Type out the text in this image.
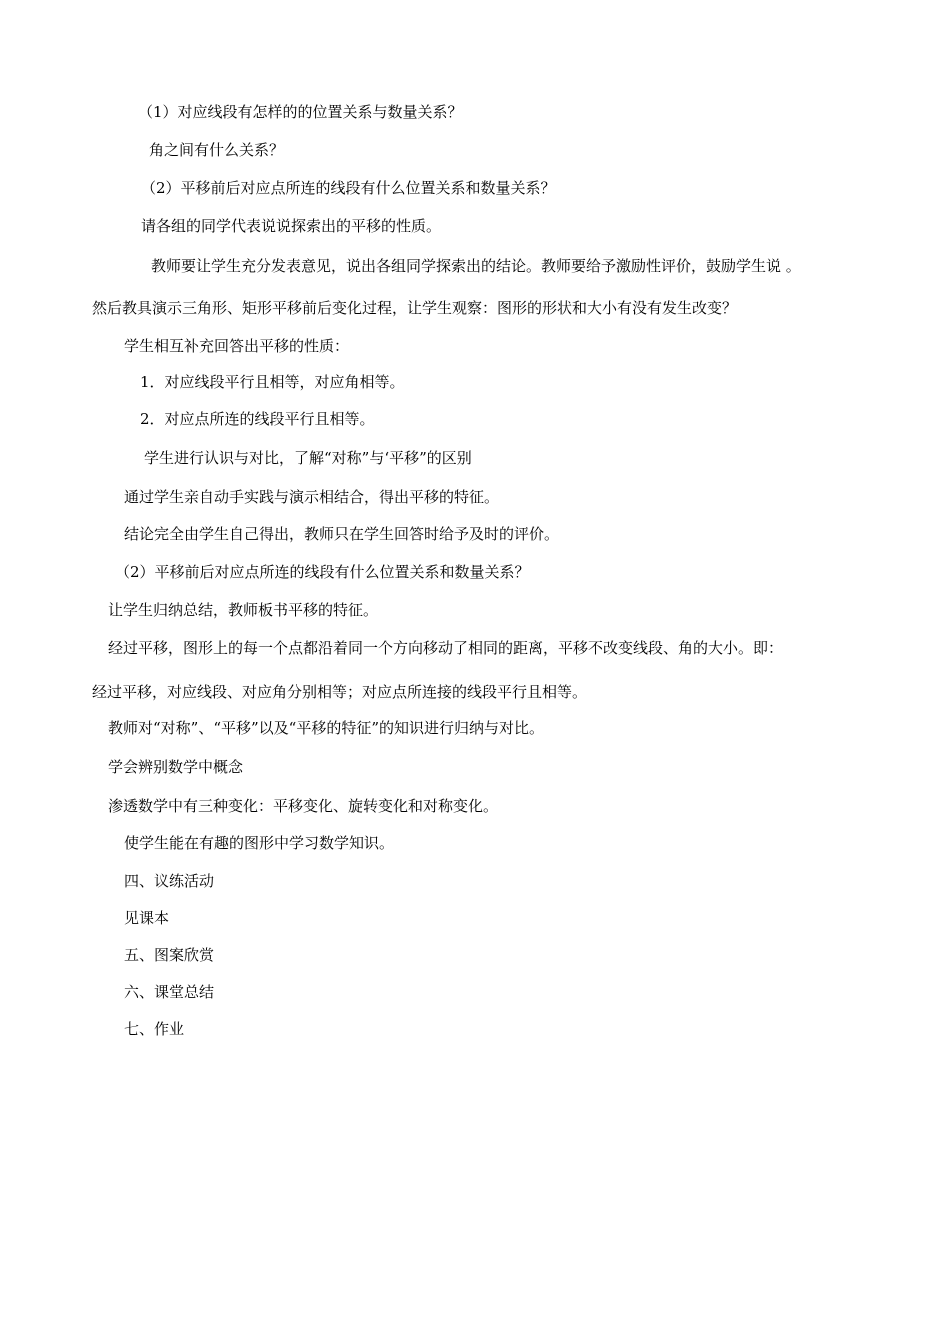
（1）对应线段有怎样的的位置关系与数量关系？
角之间有什么关系？
（2）平移前后对应点所连的线段有什么位置关系和数量关系？
请各组的同学代表说说探索出的平移的性质。
教师要让学生充分发表意见，说出各组同学探索出的结论。教师要给予激励性评价，鼓励学生说 。
然后教具演示三角形、矩形平移前后变化过程，让学生观察：图形的形状和大小有没有发生改变？
学生相互补充回答出平移的性质：
1．对应线段平行且相等，对应角相等。
2．对应点所连的线段平行且相等。
学生进行认识与对比，了解“对称”与‘平移”的区别
通过学生亲自动手实践与演示相结合，得出平移的特征。
结论完全由学生自己得出，教师只在学生回答时给予及时的评价。
（2）平移前后对应点所连的线段有什么位置关系和数量关系？
让学生归纳总结，教师板书平移的特征。
经过平移，图形上的每一个点都沿着同一个方向移动了相同的距离，平移不改变线段、角的大小。即：
经过平移，对应线段、对应角分别相等；对应点所连接的线段平行且相等。
教师对“对称”、“平移”以及“平移的特征”的知识进行归纳与对比。
学会辨别数学中概念
渗透数学中有三种变化：平移变化、旋转变化和对称变化。
使学生能在有趣的图形中学习数学知识。
四、议练活动
见课本
五、图案欣赏
六、课堂总结
七、作业
